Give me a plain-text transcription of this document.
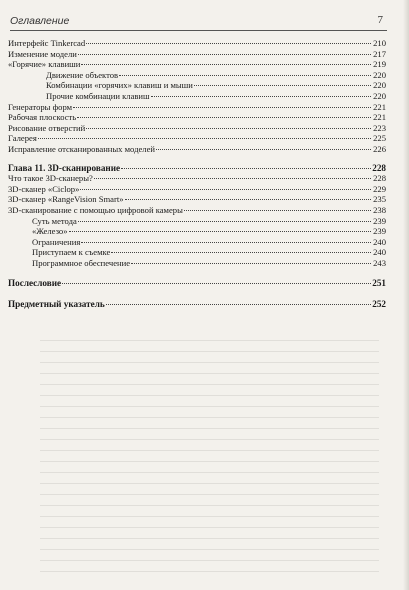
Оглавление	7
Интерфейс Tinkercad	210
Изменение модели	217
«Горячие» клавиши	219
Движение объектов	220
Комбинации «горячих» клавиш и мыши	220
Прочие комбинации клавиш	220
Генераторы форм	221
Рабочая плоскость	221
Рисование отверстий	223
Галерея	225
Исправление отсканированных моделей	226
Глава 11. 3D-сканирование	228
Что такое 3D-сканеры?	228
3D-сканер «Ciclop»	229
3D-сканер «RangeVision Smart»	235
3D-сканирование с помощью цифровой камеры	238
Суть метода	239
«Железо»	239
Ограничения	240
Приступаем к съемке	240
Программное обеспечение	243
Послесловие	251
Предметный указатель	252
